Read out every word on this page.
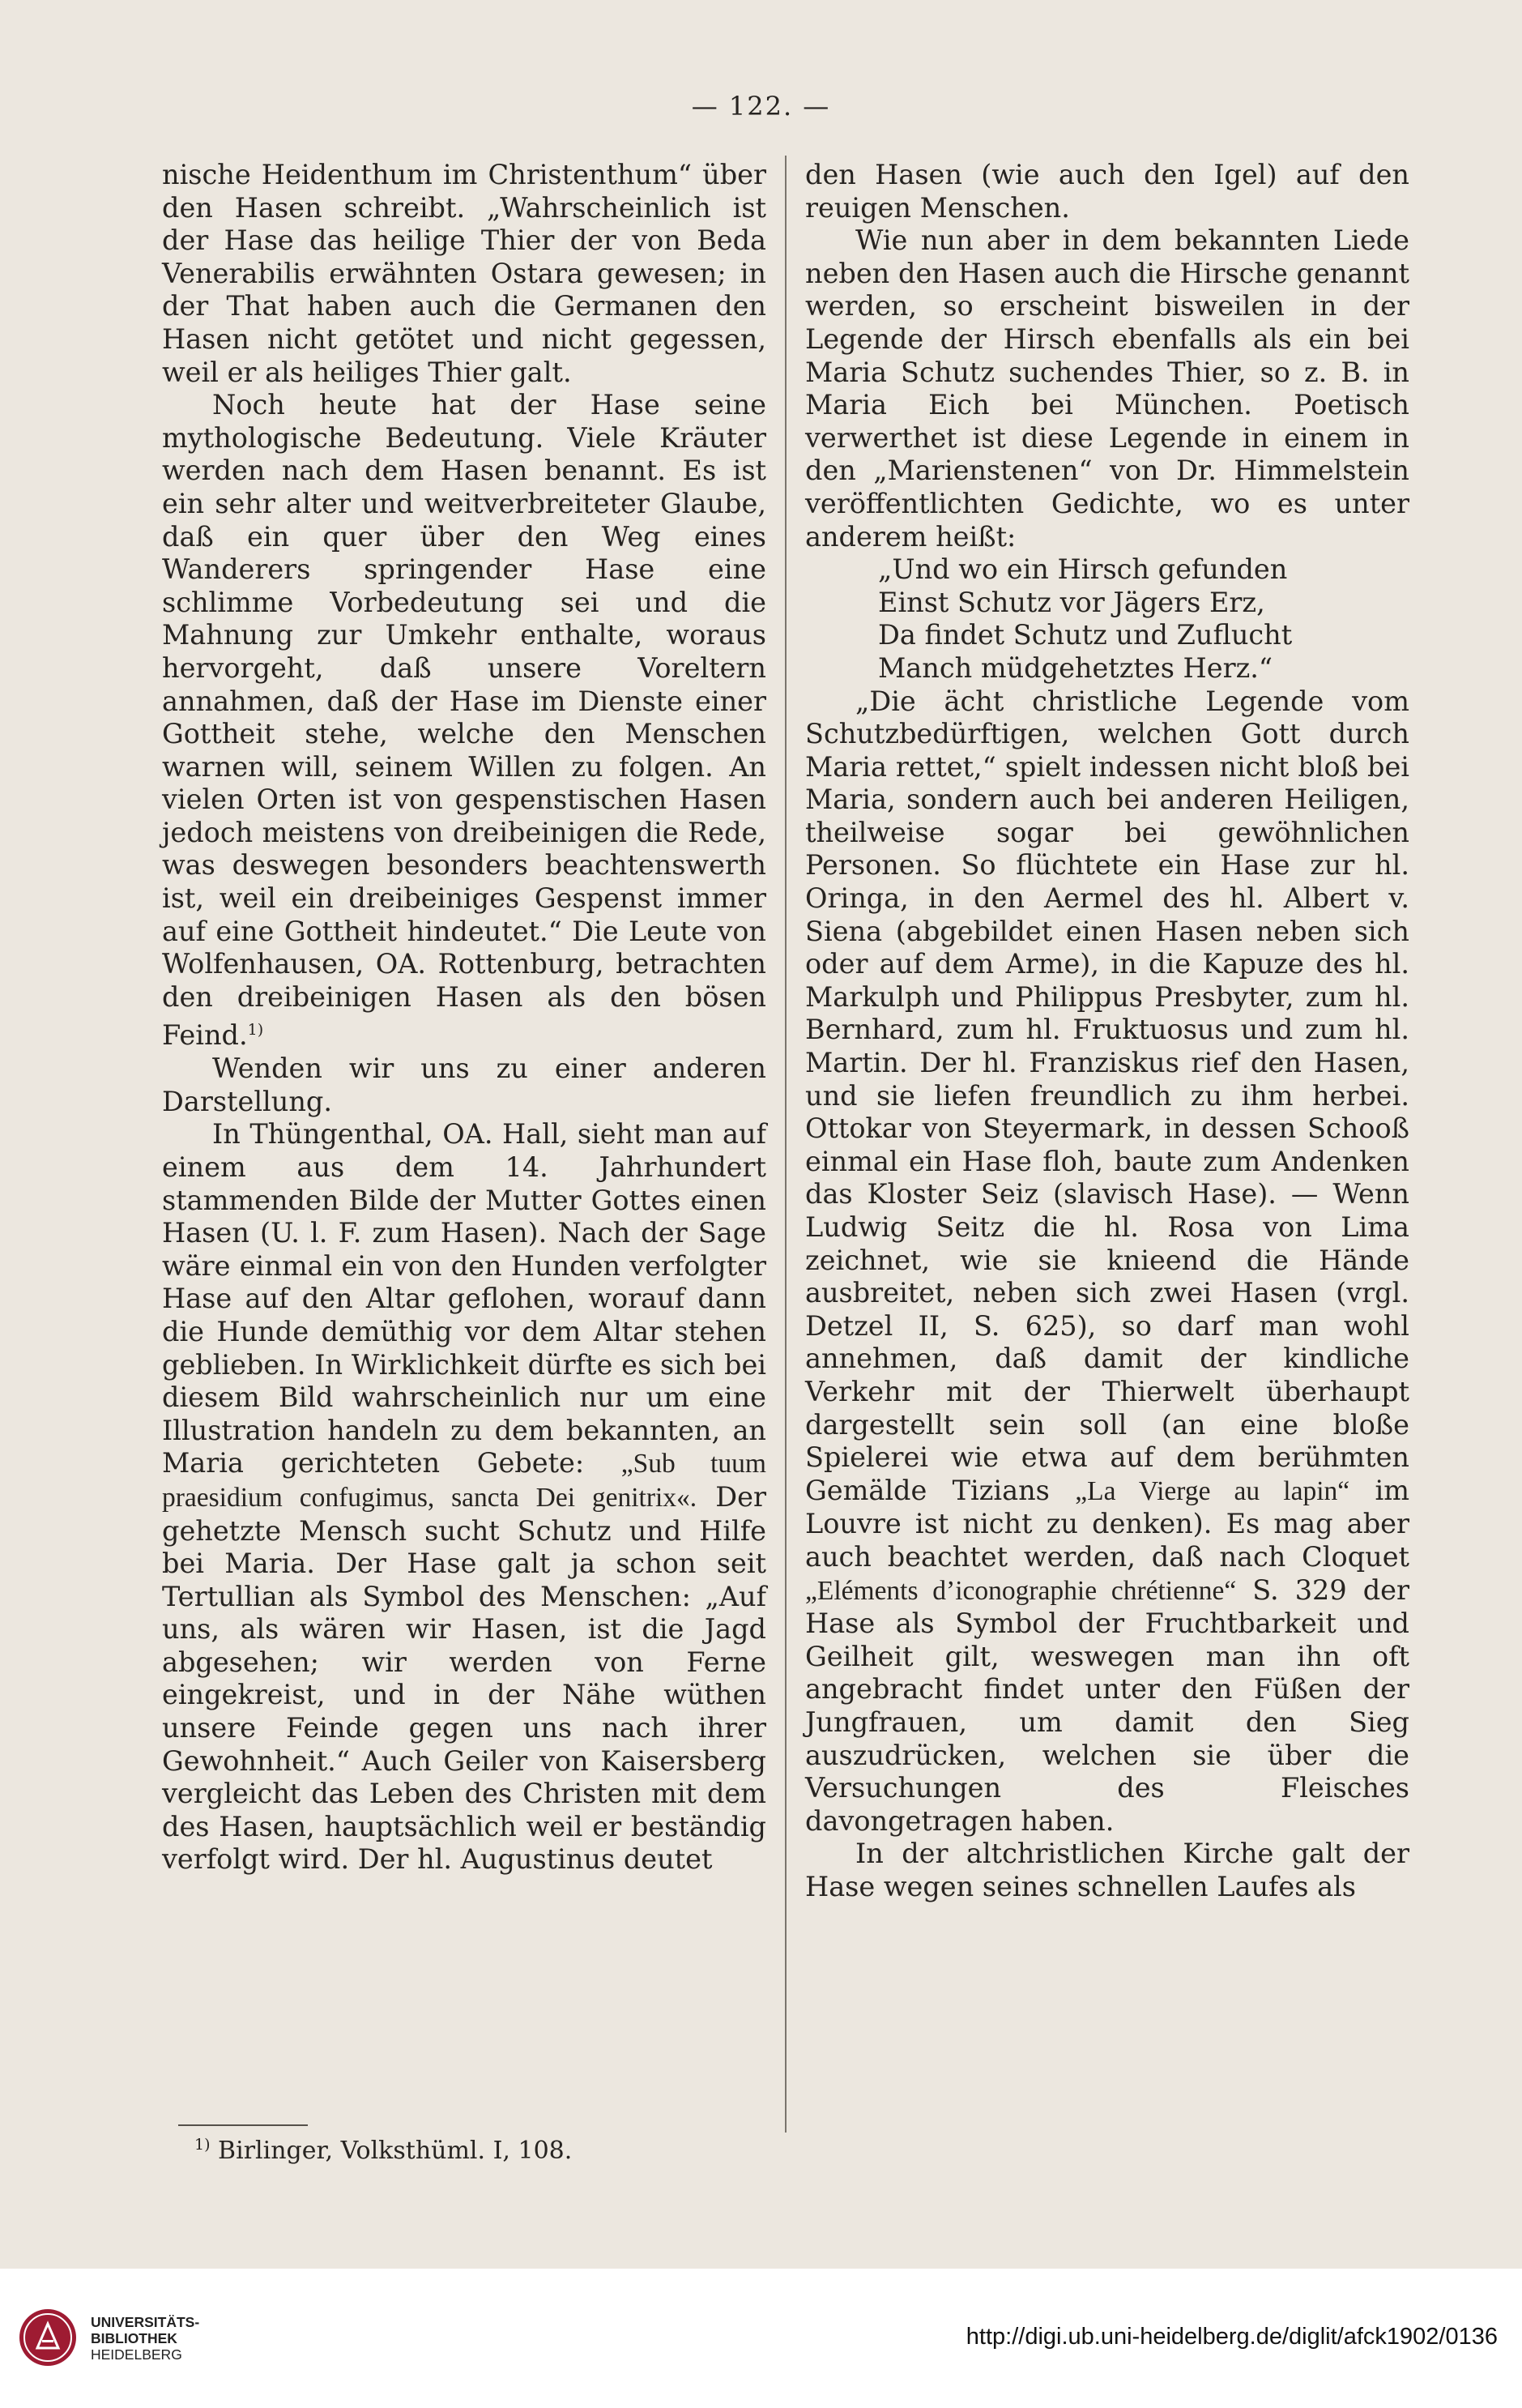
— 122. —

nische Heidenthum im Christenthum“ über den Hasen schreibt. „Wahrscheinlich ist der Hase das heilige Thier der von Beda Venerabilis erwähnten Ostara gewesen; in der That haben auch die Germanen den Hasen nicht getötet und nicht gegessen, weil er als heiliges Thier galt.

Noch heute hat der Hase seine mythologische Bedeutung. Viele Kräuter werden nach dem Hasen benannt. Es ist ein sehr alter und weitverbreiteter Glaube, daß ein quer über den Weg eines Wanderers springender Hase eine schlimme Vorbedeutung sei und die Mahnung zur Umkehr enthalte, woraus hervorgeht, daß unsere Voreltern annahmen, daß der Hase im Dienste einer Gottheit stehe, welche den Menschen warnen will, seinem Willen zu folgen. An vielen Orten ist von gespenstischen Hasen jedoch meistens von dreibeinigen die Rede, was deswegen besonders beachtenswerth ist, weil ein dreibeiniges Gespenst immer auf eine Gottheit hindeutet.“ Die Leute von Wolfenhausen, OA. Rottenburg, betrachten den dreibeinigen Hasen als den bösen Feind.$^{1)}$

Wenden wir uns zu einer anderen Darstellung.

In Thüngenthal, OA. Hall, sieht man auf einem aus dem 14. Jahrhundert stammenden Bilde der Mutter Gottes einen Hasen (U. l. F. zum Hasen). Nach der Sage wäre einmal ein von den Hunden verfolgter Hase auf den Altar geflohen, worauf dann die Hunde demüthig vor dem Altar stehen geblieben. In Wirklichkeit dürfte es sich bei diesem Bild wahrscheinlich nur um eine Illustration handeln zu dem bekannten, an Maria gerichteten Gebete: „Sub tuum praesidium confugimus, sancta Dei genitrix«. Der gehetzte Mensch sucht Schutz und Hilfe bei Maria. Der Hase galt ja schon seit Tertullian als Symbol des Menschen: „Auf uns, als wären wir Hasen, ist die Jagd abgesehen; wir werden von Ferne eingekreist, und in der Nähe wüthen unsere Feinde gegen uns nach ihrer Gewohnheit.“ Auch Geiler von Kaisersberg vergleicht das Leben des Christen mit dem des Hasen, hauptsächlich weil er beständig verfolgt wird. Der hl. Augustinus deutet

den Hasen (wie auch den Igel) auf den reuigen Menschen.

Wie nun aber in dem bekannten Liede neben den Hasen auch die Hirsche genannt werden, so erscheint bisweilen in der Legende der Hirsch ebenfalls als ein bei Maria Schutz suchendes Thier, so z. B. in Maria Eich bei München. Poetisch verwerthet ist diese Legende in einem in den „Marienstenen“ von Dr. Himmelstein veröffentlichten Gedichte, wo es unter anderem heißt:

„Und wo ein Hirsch gefunden
Einst Schutz vor Jägers Erz,
Da findet Schutz und Zuflucht
Manch müdgehetztes Herz.“

„Die ächt christliche Legende vom Schutzbedürftigen, welchen Gott durch Maria rettet,“ spielt indessen nicht bloß bei Maria, sondern auch bei anderen Heiligen, theilweise sogar bei gewöhnlichen Personen. So flüchtete ein Hase zur hl. Oringa, in den Aermel des hl. Albert v. Siena (abgebildet einen Hasen neben sich oder auf dem Arme), in die Kapuze des hl. Markulph und Philippus Presbyter, zum hl. Bernhard, zum hl. Fruktuosus und zum hl. Martin. Der hl. Franziskus rief den Hasen, und sie liefen freundlich zu ihm herbei. Ottokar von Steyermark, in dessen Schooß einmal ein Hase floh, baute zum Andenken das Kloster Seiz (slavisch Hase). — Wenn Ludwig Seitz die hl. Rosa von Lima zeichnet, wie sie knieend die Hände ausbreitet, neben sich zwei Hasen (vrgl. Detzel II, S. 625), so darf man wohl annehmen, daß damit der kindliche Verkehr mit der Thierwelt überhaupt dargestellt sein soll (an eine bloße Spielerei wie etwa auf dem berühmten Gemälde Tizians „La Vierge au lapin“ im Louvre ist nicht zu denken). Es mag aber auch beachtet werden, daß nach Cloquet „Eléments d’iconographie chrétienne“ S. 329 der Hase als Symbol der Fruchtbarkeit und Geilheit gilt, weswegen man ihn oft angebracht findet unter den Füßen der Jungfrauen, um damit den Sieg auszudrücken, welchen sie über die Versuchungen des Fleisches davongetragen haben.

In der altchristlichen Kirche galt der Hase wegen seines schnellen Laufes als

$^{1)}$ Birlinger, Volksthüml. I, 108.
UNIVERSITÄTS-
BIBLIOTHEK
HEIDELBERG
http://digi.ub.uni-heidelberg.de/diglit/afck1902/0136
